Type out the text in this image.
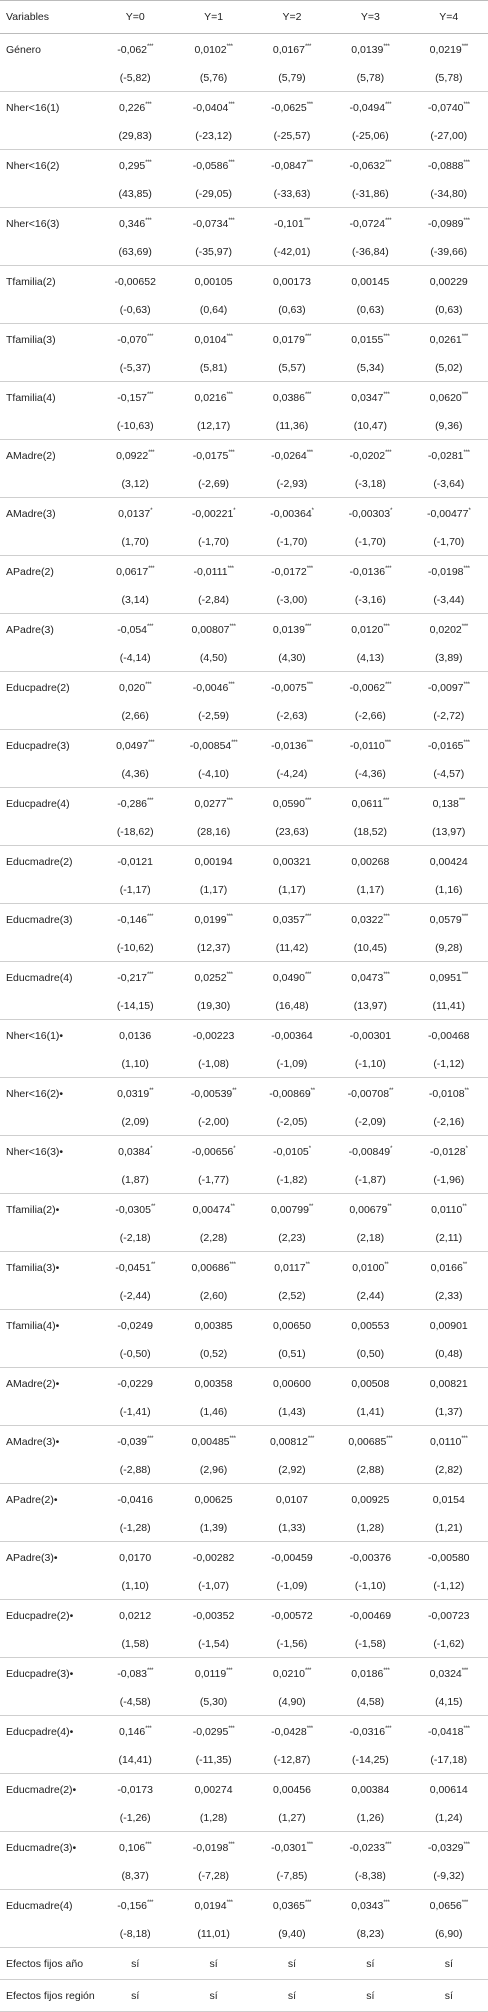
Variables	Y=0	Y=1	Y=2	Y=3	Y=4
Género	-0,062***	0,0102***	0,0167***	0,0139***	0,0219***
	(-5,82)	(5,76)	(5,79)	(5,78)	(5,78)
Nher<16(1)	0,226***	-0,0404***	-0,0625***	-0,0494***	-0,0740***
	(29,83)	(-23,12)	(-25,57)	(-25,06)	(-27,00)
Nher<16(2)	0,295***	-0,0586***	-0,0847***	-0,0632***	-0,0888***
	(43,85)	(-29,05)	(-33,63)	(-31,86)	(-34,80)
Nher<16(3)	0,346***	-0,0734***	-0,101***	-0,0724***	-0,0989***
	(63,69)	(-35,97)	(-42,01)	(-36,84)	(-39,66)
Tfamilia(2)	-0,00652	0,00105	0,00173	0,00145	0,00229
	(-0,63)	(0,64)	(0,63)	(0,63)	(0,63)
Tfamilia(3)	-0,070***	0,0104***	0,0179***	0,0155***	0,0261***
	(-5,37)	(5,81)	(5,57)	(5,34)	(5,02)
Tfamilia(4)	-0,157***	0,0216***	0,0386***	0,0347***	0,0620***
	(-10,63)	(12,17)	(11,36)	(10,47)	(9,36)
AMadre(2)	0,0922***	-0,0175***	-0,0264***	-0,0202***	-0,0281***
	(3,12)	(-2,69)	(-2,93)	(-3,18)	(-3,64)
AMadre(3)	0,0137*	-0,00221*	-0,00364*	-0,00303*	-0,00477*
	(1,70)	(-1,70)	(-1,70)	(-1,70)	(-1,70)
APadre(2)	0,0617***	-0,0111***	-0,0172***	-0,0136***	-0,0198***
	(3,14)	(-2,84)	(-3,00)	(-3,16)	(-3,44)
APadre(3)	-0,054***	0,00807***	0,0139***	0,0120***	0,0202***
	(-4,14)	(4,50)	(4,30)	(4,13)	(3,89)
Educpadre(2)	0,020***	-0,0046***	-0,0075***	-0,0062***	-0,0097***
	(2,66)	(-2,59)	(-2,63)	(-2,66)	(-2,72)
Educpadre(3)	0,0497***	-0,00854***	-0,0136***	-0,0110***	-0,0165***
	(4,36)	(-4,10)	(-4,24)	(-4,36)	(-4,57)
Educpadre(4)	-0,286***	0,0277***	0,0590***	0,0611***	0,138***
	(-18,62)	(28,16)	(23,63)	(18,52)	(13,97)
Educmadre(2)	-0,0121	0,00194	0,00321	0,00268	0,00424
	(-1,17)	(1,17)	(1,17)	(1,17)	(1,16)
Educmadre(3)	-0,146***	0,0199***	0,0357***	0,0322***	0,0579***
	(-10,62)	(12,37)	(11,42)	(10,45)	(9,28)
Educmadre(4)	-0,217***	0,0252***	0,0490***	0,0473***	0,0951***
	(-14,15)	(19,30)	(16,48)	(13,97)	(11,41)
Nher<16(1)•	0,0136	-0,00223	-0,00364	-0,00301	-0,00468
	(1,10)	(-1,08)	(-1,09)	(-1,10)	(-1,12)
Nher<16(2)•	0,0319**	-0,00539**	-0,00869**	-0,00708**	-0,0108**
	(2,09)	(-2,00)	(-2,05)	(-2,09)	(-2,16)
Nher<16(3)•	0,0384*	-0,00656*	-0,0105*	-0,00849*	-0,0128*
	(1,87)	(-1,77)	(-1,82)	(-1,87)	(-1,96)
Tfamilia(2)•	-0,0305**	0,00474**	0,00799**	0,00679**	0,0110**
	(-2,18)	(2,28)	(2,23)	(2,18)	(2,11)
Tfamilia(3)•	-0,0451**	0,00686***	0,0117**	0,0100**	0,0166**
	(-2,44)	(2,60)	(2,52)	(2,44)	(2,33)
Tfamilia(4)•	-0,0249	0,00385	0,00650	0,00553	0,00901
	(-0,50)	(0,52)	(0,51)	(0,50)	(0,48)
AMadre(2)•	-0,0229	0,00358	0,00600	0,00508	0,00821
	(-1,41)	(1,46)	(1,43)	(1,41)	(1,37)
AMadre(3)•	-0,039***	0,00485***	0,00812***	0,00685***	0,0110***
	(-2,88)	(2,96)	(2,92)	(2,88)	(2,82)
APadre(2)•	-0,0416	0,00625	0,0107	0,00925	0,0154
	(-1,28)	(1,39)	(1,33)	(1,28)	(1,21)
APadre(3)•	0,0170	-0,00282	-0,00459	-0,00376	-0,00580
	(1,10)	(-1,07)	(-1,09)	(-1,10)	(-1,12)
Educpadre(2)•	0,0212	-0,00352	-0,00572	-0,00469	-0,00723
	(1,58)	(-1,54)	(-1,56)	(-1,58)	(-1,62)
Educpadre(3)•	-0,083***	0,0119***	0,0210***	0,0186***	0,0324***
	(-4,58)	(5,30)	(4,90)	(4,58)	(4,15)
Educpadre(4)•	0,146***	-0,0295***	-0,0428***	-0,0316***	-0,0418***
	(14,41)	(-11,35)	(-12,87)	(-14,25)	(-17,18)
Educmadre(2)•	-0,0173	0,00274	0,00456	0,00384	0,00614
	(-1,26)	(1,28)	(1,27)	(1,26)	(1,24)
Educmadre(3)•	0,106***	-0,0198***	-0,0301***	-0,0233***	-0,0329***
	(8,37)	(-7,28)	(-7,85)	(-8,38)	(-9,32)
Educmadre(4)	-0,156***	0,0194***	0,0365***	0,0343***	0,0656***
	(-8,18)	(11,01)	(9,40)	(8,23)	(6,90)
Efectos fijos año	sí	sí	sí	sí	sí
Efectos fijos región	sí	sí	sí	sí	sí
